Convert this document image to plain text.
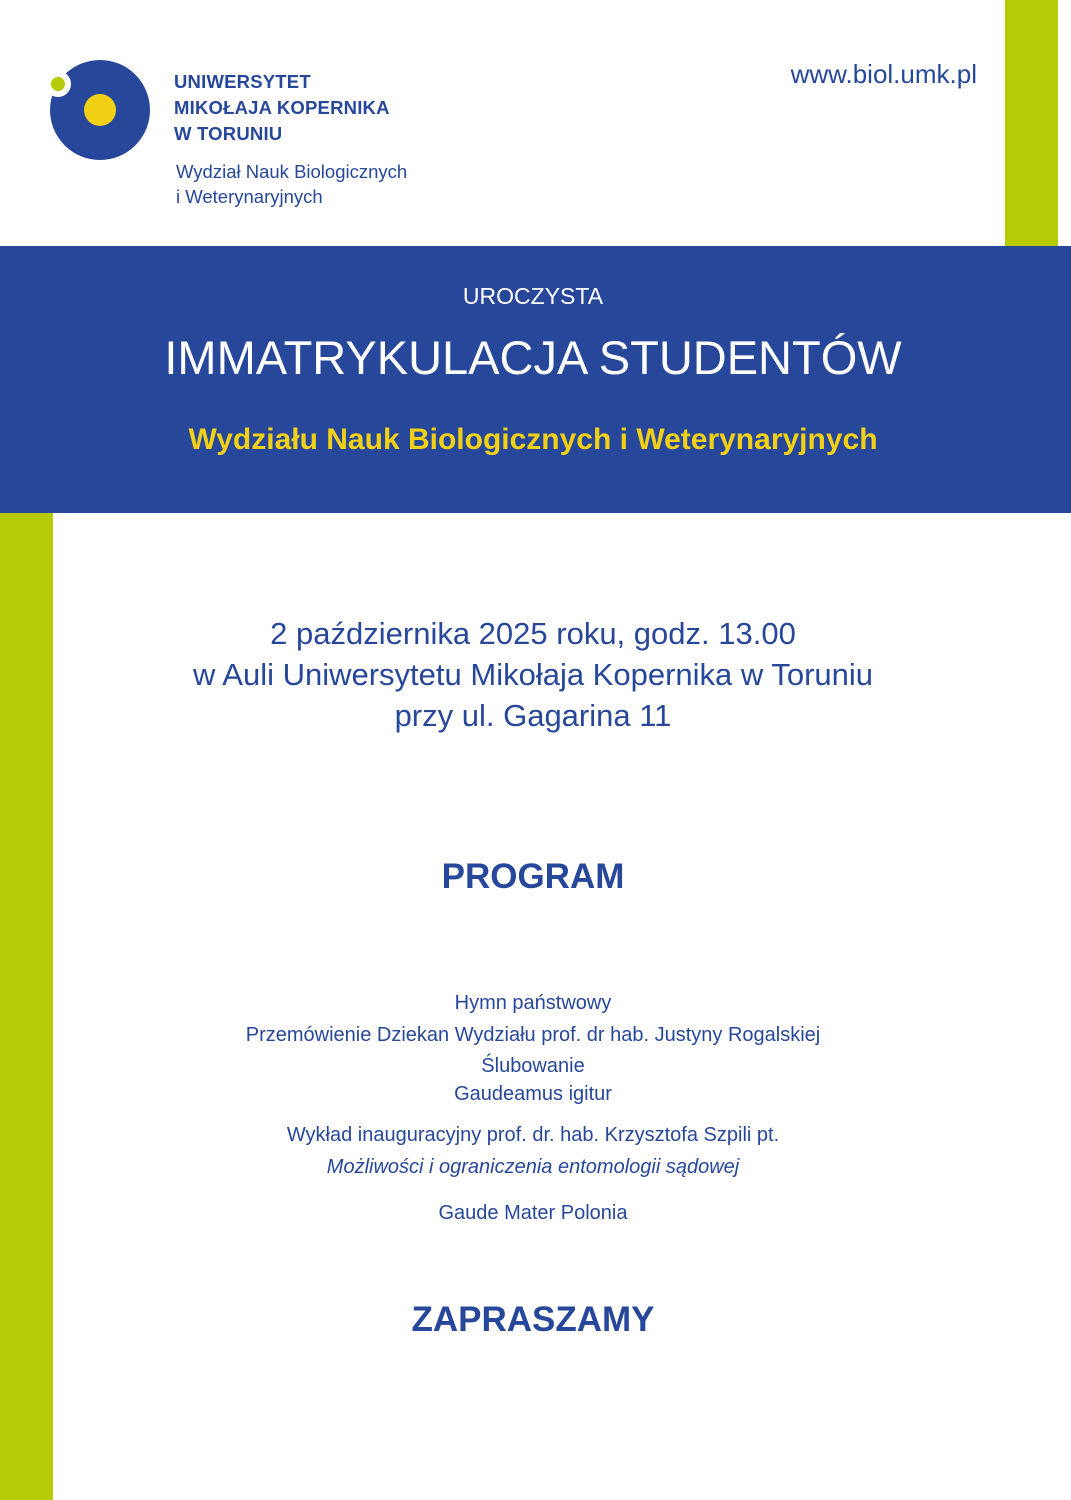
UNIWERSYTET
MIKOŁAJA KOPERNIKA
W TORUNIU
Wydział Nauk Biologicznych
i Weterynaryjnych
www.biol.umk.pl
UROCZYSTA
IMMATRYKULACJA STUDENTÓW
Wydziału Nauk Biologicznych i Weterynaryjnych
2 października 2025 roku, godz. 13.00
w Auli Uniwersytetu Mikołaja Kopernika w Toruniu
przy ul. Gagarina 11
PROGRAM
Hymn państwowy
Przemówienie Dziekan Wydziału prof. dr hab. Justyny Rogalskiej
Ślubowanie
Gaudeamus igitur
Wykład inauguracyjny prof. dr. hab. Krzysztofa Szpili pt.
Możliwości i ograniczenia entomologii sądowej
Gaude Mater Polonia
ZAPRASZAMY
